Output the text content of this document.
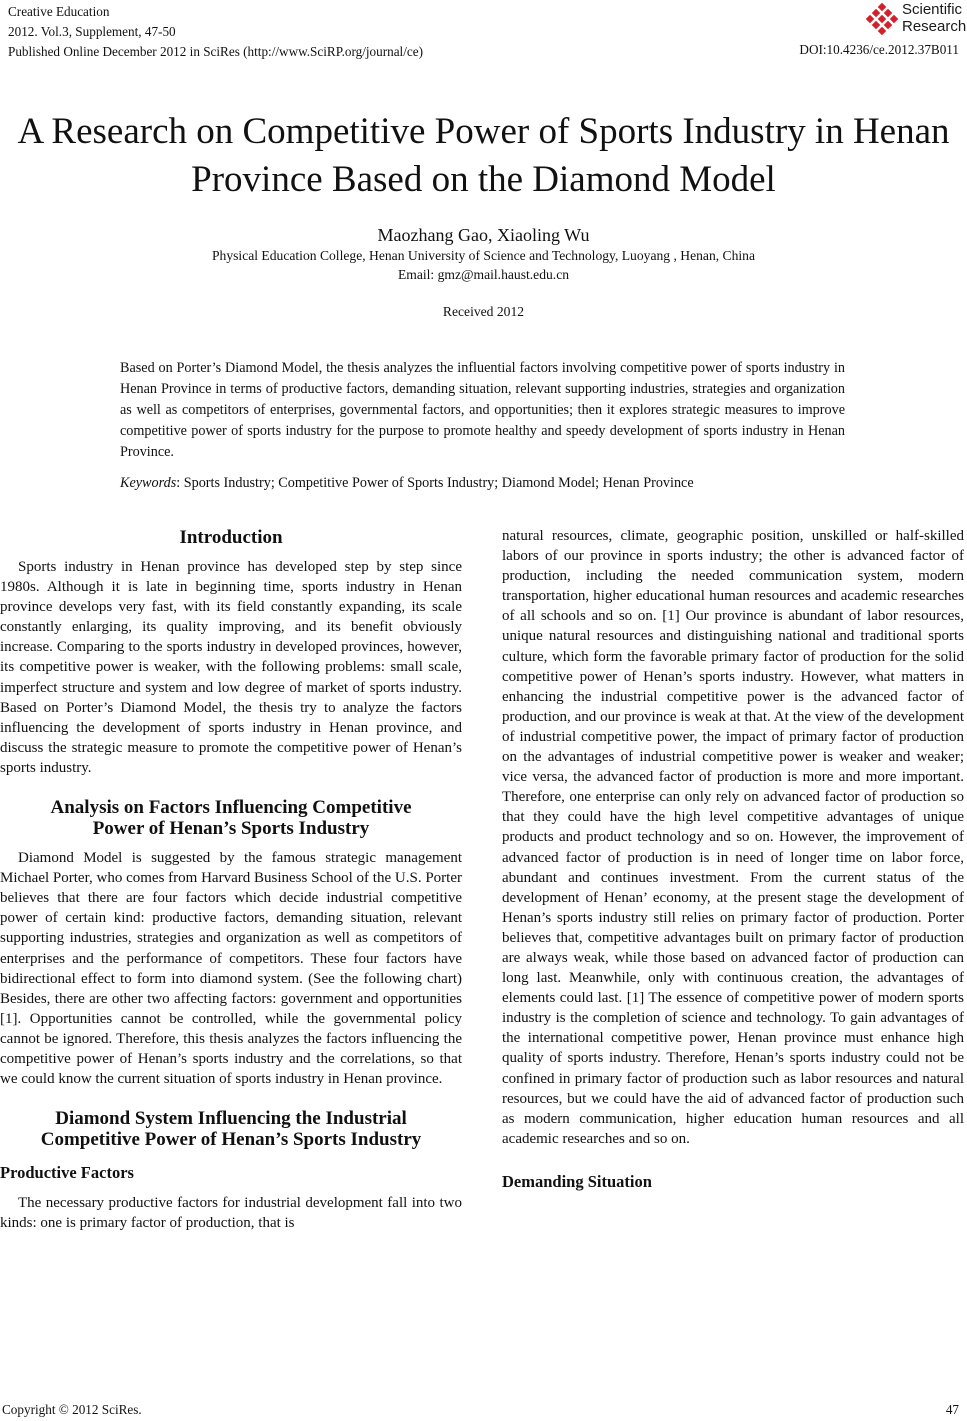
Creative Education
2012. Vol.3, Supplement, 47-50
Published Online December 2012 in SciRes (http://www.SciRP.org/journal/ce)	DOI:10.4236/ce.2012.37B011
Scientific
Research
A Research on Competitive Power of Sports Industry in Henan
Province Based on the Diamond Model
Maozhang Gao, Xiaoling Wu
Physical Education College, Henan University of Science and Technology, Luoyang , Henan, China
Email: gmz@mail.haust.edu.cn
Received 2012
Based on Porter’s Diamond Model, the thesis analyzes the influential factors involving competitive power of sports industry in Henan Province in terms of productive factors, demanding situation, relevant supporting industries, strategies and organization as well as competitors of enterprises, governmental factors, and opportunities; then it explores strategic measures to improve competitive power of sports industry for the purpose to promote healthy and speedy development of sports industry in Henan Province.
Keywords: Sports Industry; Competitive Power of Sports Industry; Diamond Model; Henan Province
Introduction

Sports industry in Henan province has developed step by step since 1980s. Although it is late in beginning time, sports industry in Henan province develops very fast, with its field constantly expanding, its scale constantly enlarging, its quality improving, and its benefit obviously increase. Comparing to the sports industry in developed provinces, however, its competitive power is weaker, with the following problems: small scale, imperfect structure and system and low degree of market of sports industry. Based on Porter’s Diamond Model, the thesis try to analyze the factors influencing the development of sports industry in Henan province, and discuss the strategic measure to promote the competitive power of Henan’s sports industry.

Analysis on Factors Influencing Competitive
Power of Henan’s Sports Industry

Diamond Model is suggested by the famous strategic management Michael Porter, who comes from Harvard Business School of the U.S. Porter believes that there are four factors which decide industrial competitive power of certain kind: productive factors, demanding situation, relevant supporting industries, strategies and organization as well as competitors of enterprises and the performance of competitors. These four factors have bidirectional effect to form into diamond system. (See the following chart) Besides, there are other two affecting factors: government and opportunities [1]. Opportunities cannot be controlled, while the governmental policy cannot be ignored. Therefore, this thesis analyzes the factors influencing the competitive power of Henan’s sports industry and the correlations, so that we could know the current situation of sports industry in Henan province.

Diamond System Influencing the Industrial
Competitive Power of Henan’s Sports Industry
Productive Factors

The necessary productive factors for industrial development fall into two kinds: one is primary factor of production, that is

natural resources, climate, geographic position, unskilled or half-skilled labors of our province in sports industry; the other is advanced factor of production, including the needed communication system, modern transportation, higher educational human resources and academic researches of all schools and so on. [1] Our province is abundant of labor resources, unique natural resources and distinguishing national and traditional sports culture, which form the favorable primary factor of production for the solid competitive power of Henan’s sports industry. However, what matters in enhancing the industrial competitive power is the advanced factor of production, and our province is weak at that. At the view of the development of industrial competitive power, the impact of primary factor of production on the advantages of industrial competitive power is weaker and weaker; vice versa, the advanced factor of production is more and more important. Therefore, one enterprise can only rely on advanced factor of production so that they could have the high level competitive advantages of unique products and product technology and so on. However, the improvement of advanced factor of production is in need of longer time on labor force, abundant and continues investment. From the current status of the development of Henan’ economy, at the present stage the development of Henan’s sports industry still relies on primary factor of production. Porter believes that, competitive advantages built on primary factor of production are always weak, while those based on advanced factor of production can long last. Meanwhile, only with continuous creation, the advantages of elements could last. [1] The essence of competitive power of modern sports industry is the completion of science and technology. To gain advantages of the international competitive power, Henan province must enhance high quality of sports industry. Therefore, Henan’s sports industry could not be confined in primary factor of production such as labor resources and natural resources, but we could have the aid of advanced factor of production such as modern communication, higher education human resources and all academic researches and so on.

Demanding Situation
Copyright © 2012 SciRes.	47
